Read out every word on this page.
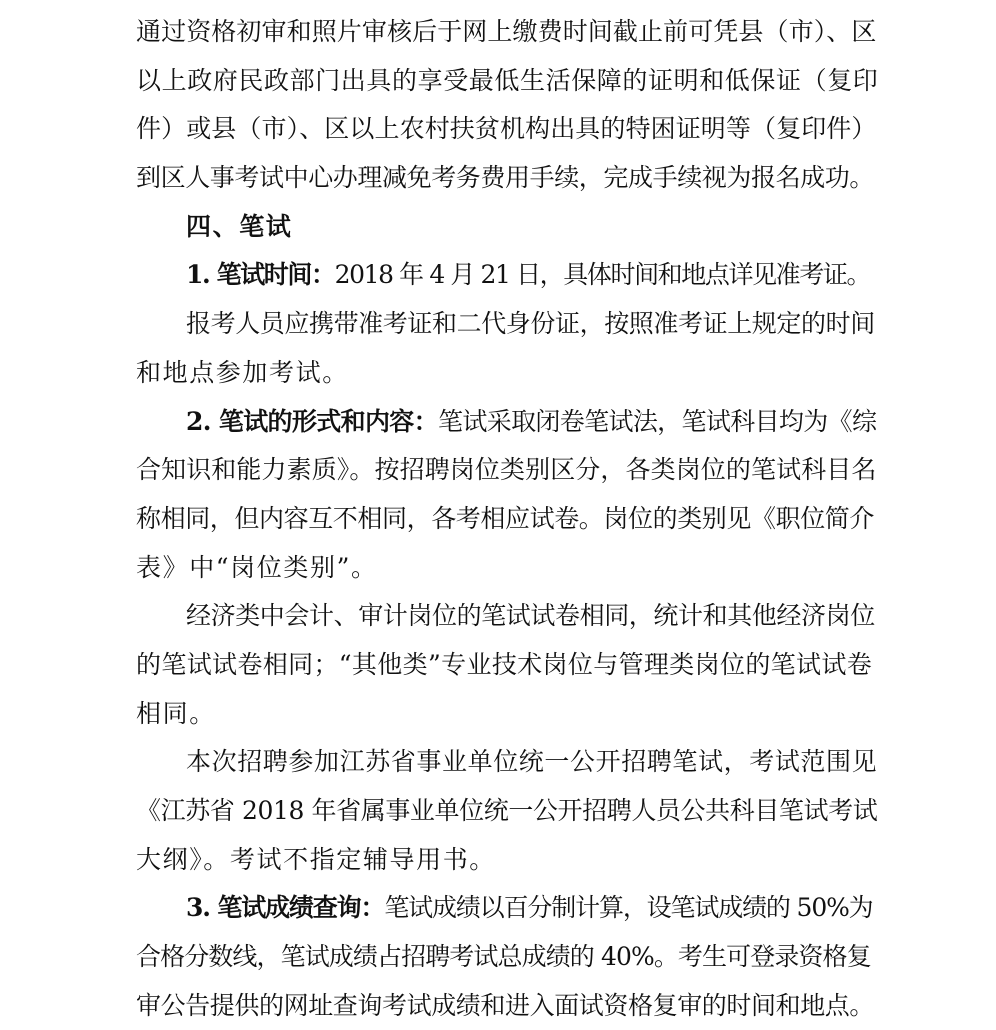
通过资格初审和照片审核后于网上缴费时间截止前可凭县（市）、区
以上政府民政部门出具的享受最低生活保障的证明和低保证（复印
件）或县（市）、区以上农村扶贫机构出具的特困证明等（复印件）
到区人事考试中心办理减免考务费用手续，完成手续视为报名成功。
四、笔试
1. 笔试时间：2018 年 4 月 21 日，具体时间和地点详见准考证。
报考人员应携带准考证和二代身份证，按照准考证上规定的时间
和地点参加考试。
2. 笔试的形式和内容：笔试采取闭卷笔试法，笔试科目均为《综
合知识和能力素质》。按招聘岗位类别区分，各类岗位的笔试科目名
称相同，但内容互不相同，各考相应试卷。岗位的类别见《职位简介
表》中“岗位类别”。
经济类中会计、审计岗位的笔试试卷相同，统计和其他经济岗位
的笔试试卷相同；“其他类”专业技术岗位与管理类岗位的笔试试卷
相同。
本次招聘参加江苏省事业单位统一公开招聘笔试，考试范围见
《江苏省 2018 年省属事业单位统一公开招聘人员公共科目笔试考试
大纲》。考试不指定辅导用书。
3. 笔试成绩查询：笔试成绩以百分制计算，设笔试成绩的 50%为
合格分数线，笔试成绩占招聘考试总成绩的 40%。考生可登录资格复
审公告提供的网址查询考试成绩和进入面试资格复审的时间和地点。
